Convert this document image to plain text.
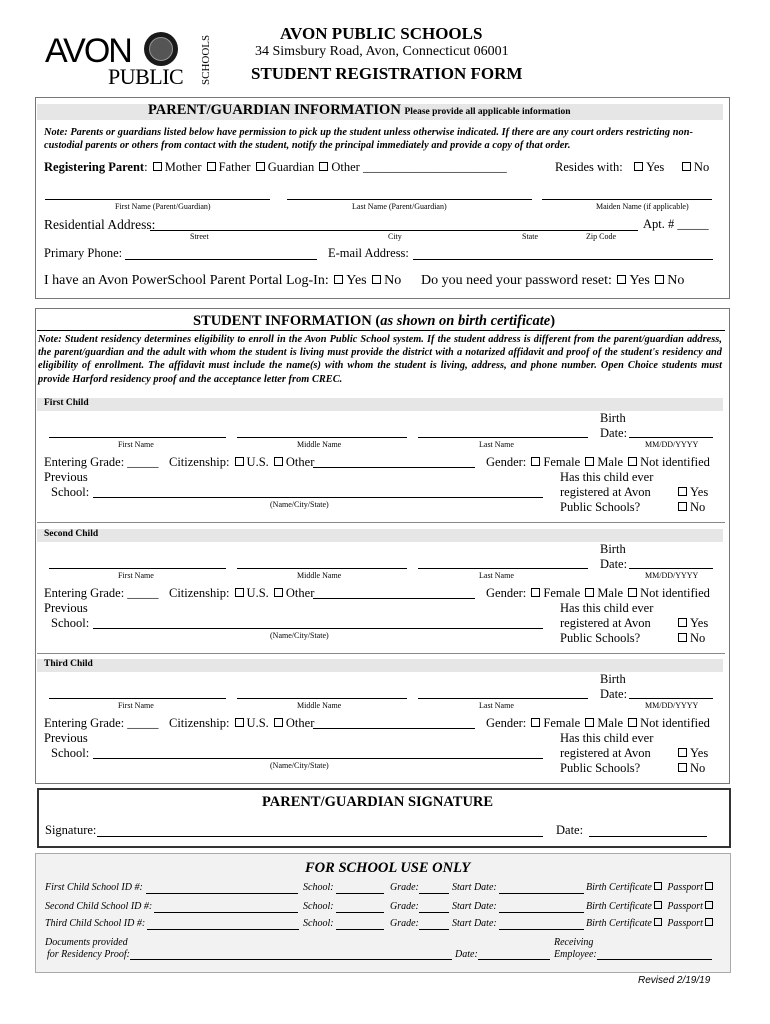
AVON
PUBLIC SCHOOLS
AVON PUBLIC SCHOOLS
34 Simsbury Road, Avon, Connecticut 06001
STUDENT REGISTRATION FORM
PARENT/GUARDIAN INFORMATION Please provide all applicable information
Note: Parents or guardians listed below have permission to pick up the student unless otherwise indicated. If there are any court orders restricting non-custodial parents or others from contact with the student, notify the principal immediately and provide a copy of that order.
Registering Parent: Mother Father Guardian Other _______________________	Resides with: Yes No
First Name (Parent/Guardian)	Last Name (Parent/Guardian)	Maiden Name (if applicable)
Residential Address:	Apt. # _____
Street	City	State	Zip Code
Primary Phone:	E-mail Address:
I have an Avon PowerSchool Parent Portal Log-In: Yes No Do you need your password reset: Yes No
STUDENT INFORMATION (as shown on birth certificate)
Note: Student residency determines eligibility to enroll in the Avon Public School system. If the student address is different from the parent/guardian address, the parent/guardian and the adult with whom the student is living must provide the district with a notarized affidavit and proof of the student's residency and eligibility of enrollment. The affidavit must include the name(s) with whom the student is living, address, and phone number. Open Choice students must provide Harford residency proof and the acceptance letter from CREC.
First Child
Birth
Date:
First Name	Middle Name	Last Name	MM/DD/YYYY
Entering Grade: _____ Citizenship: U.S. Other	Gender: Female Male Not identified
Previous
School:
(Name/City/State)
Has this child ever
registered at Avon
Public Schools?
Yes
No
Second Child
Birth
Date:
First Name	Middle Name	Last Name	MM/DD/YYYY
Entering Grade: _____ Citizenship: U.S. Other	Gender: Female Male Not identified
Previous
School:
(Name/City/State)
Has this child ever
registered at Avon
Public Schools?
Yes
No
Third Child
Birth
Date:
First Name	Middle Name	Last Name	MM/DD/YYYY
Entering Grade: _____ Citizenship: U.S. Other	Gender: Female Male Not identified
Previous
School:
(Name/City/State)
Has this child ever
registered at Avon
Public Schools?
Yes
No
PARENT/GUARDIAN SIGNATURE
Signature:	Date:
FOR SCHOOL USE ONLY
First Child School ID #:	School:	Grade:	Start Date:	Birth Certificate Passport
Second Child School ID #:	School:	Grade:	Start Date:	Birth Certificate Passport
Third Child School ID #:	School:	Grade:	Start Date:	Birth Certificate Passport
Documents provided
for Residency Proof:	Date:
Receiving
Employee:
Revised 2/19/19
